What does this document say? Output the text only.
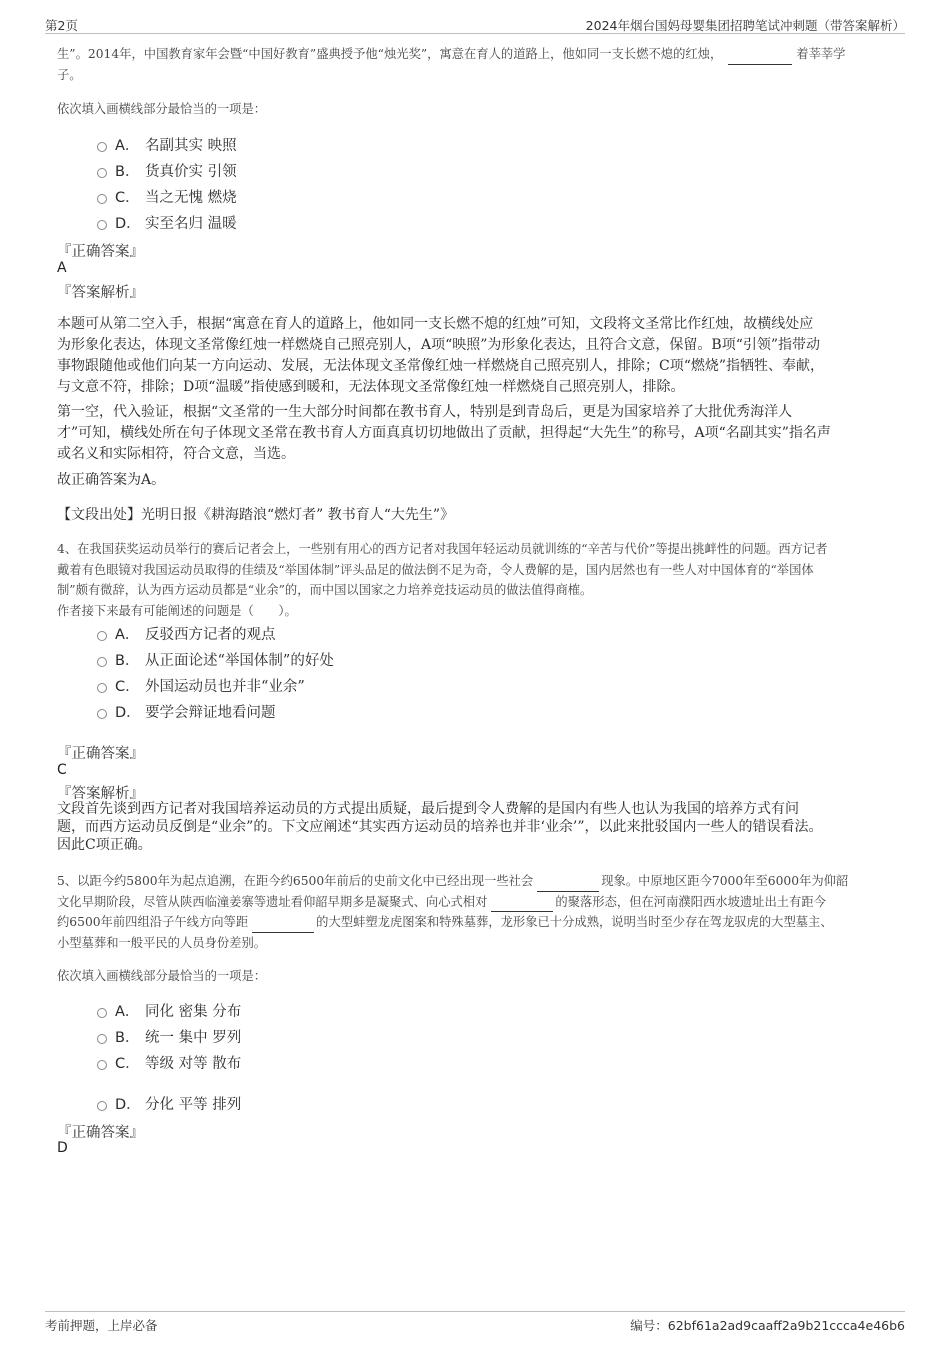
第2页	2024年烟台国妈母婴集团招聘笔试冲刺题（带答案解析）
生”。2014年，中国教育家年会暨“中国好教育”盛典授予他“烛光奖”，寓意在育人的道路上，他如同一支长燃不熄的红烛，	着莘莘学
子。
依次填入画横线部分最恰当的一项是：
A． 名副其实 映照
B． 货真价实 引领
C． 当之无愧 燃烧
D． 实至名归 温暖
『正确答案』
A
『答案解析』
本题可从第二空入手，根据“寓意在育人的道路上，他如同一支长燃不熄的红烛”可知，文段将文圣常比作红烛，故横线处应
为形象化表达，体现文圣常像红烛一样燃烧自己照亮别人，A项“映照”为形象化表达，且符合文意，保留。B项“引领”指带动
事物跟随他或他们向某一方向运动、发展，无法体现文圣常像红烛一样燃烧自己照亮别人，排除；C项“燃烧”指牺牲、奉献，
与文意不符，排除；D项“温暖”指使感到暖和，无法体现文圣常像红烛一样燃烧自己照亮别人，排除。
第一空，代入验证，根据“文圣常的一生大部分时间都在教书育人，特别是到青岛后，更是为国家培养了大批优秀海洋人
才”可知，横线处所在句子体现文圣常在教书育人方面真真切切地做出了贡献，担得起“大先生”的称号，A项“名副其实”指名声
或名义和实际相符，符合文意，当选。
故正确答案为A。
【文段出处】光明日报《耕海踏浪“燃灯者” 教书育人“大先生”》
4、在我国获奖运动员举行的赛后记者会上，一些别有用心的西方记者对我国年轻运动员就训练的“辛苦与代价”等提出挑衅性的问题。西方记者
戴着有色眼镜对我国运动员取得的佳绩及“举国体制”评头品足的做法倒不足为奇，令人费解的是，国内居然也有一些人对中国体育的“举国体
制”颇有微辞，认为西方运动员都是“业余”的，而中国以国家之力培养竞技运动员的做法值得商榷。
作者接下来最有可能阐述的问题是（　　）。
A． 反驳西方记者的观点
B． 从正面论述“举国体制”的好处
C． 外国运动员也并非“业余”
D． 要学会辩证地看问题
『正确答案』
C
『答案解析』
文段首先谈到西方记者对我国培养运动员的方式提出质疑，最后提到令人费解的是国内有些人也认为我国的培养方式有问
题，而西方运动员反倒是“业余”的。下文应阐述“其实西方运动员的培养也并非‘业余’”，以此来批驳国内一些人的错误看法。
因此C项正确。
5、以距今约5800年为起点追溯，在距今约6500年前后的史前文化中已经出现一些社会	现象。中原地区距今7000年至6000年为仰韶
文化早期阶段，尽管从陕西临潼姜寨等遗址看仰韶早期多是凝聚式、向心式相对	的聚落形态，但在河南濮阳西水坡遗址出土有距今
约6500年前四组沿子午线方向等距	的大型蚌塑龙虎图案和特殊墓葬，龙形象已十分成熟，说明当时至少存在驾龙驭虎的大型墓主、
小型墓葬和一般平民的人员身份差别。
依次填入画横线部分最恰当的一项是：
A． 同化 密集 分布
B． 统一 集中 罗列
C． 等级 对等 散布
D． 分化 平等 排列
『正确答案』
D
考前押题，上岸必备	编号：62bf61a2ad9caaff2a9b21ccca4e46b6
